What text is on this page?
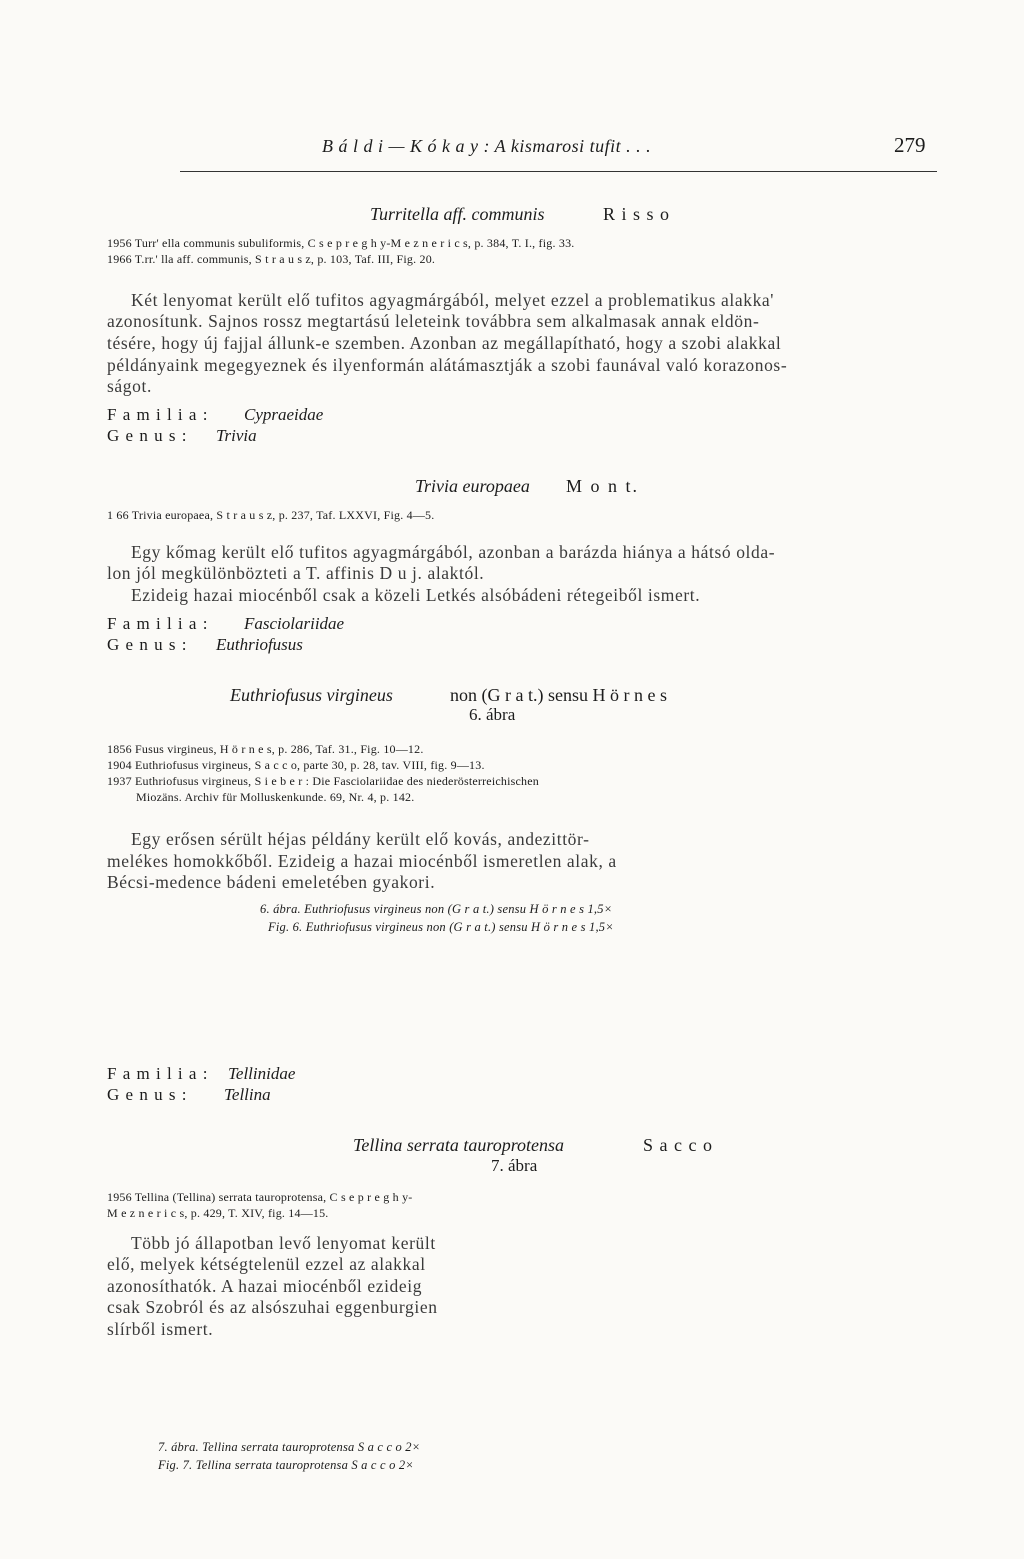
B á l d i — K ó k a y : A kismarosi tufit . . .	279
Turritella aff. communis	R i s s o
1956 Turr' ella communis subuliformis, C s e p r e g h y-M e z n e r i c s, p. 384, T. I., fig. 33.
1966 T.rr.' lla aff. communis, S t r a u s z, p. 103, Taf. III, Fig. 20.
Két lenyomat került elő tufitos agyagmárgából, melyet ezzel a problematikus alakka'
azonosítunk. Sajnos rossz megtartású leleteink továbbra sem alkalmasak annak eldön-
tésére, hogy új fajjal állunk-e szemben. Azonban az megállapítható, hogy a szobi alakkal
példányaink megegyeznek és ilyenformán alátámasztják a szobi faunával való korazonos-
ságot.
F a m i l i a : Cypraeidae
G e n u s : Trivia
Trivia europaea M o n t.
1 66 Trivia europaea, S t r a u s z, p. 237, Taf. LXXVI, Fig. 4—5.
Egy kőmag került elő tufitos agyagmárgából, azonban a barázda hiánya a hátsó olda-
lon jól megkülönbözteti a T. affinis D u j. alaktól.
Ezideig hazai miocénből csak a közeli Letkés alsóbádeni rétegeiből ismert.
F a m i l i a : Fasciolariidae
G e n u s : Euthriofusus
Euthriofusus virgineus	non (G r a t.) sensu H ö r n e s
6. ábra
1856 Fusus virgineus, H ö r n e s, p. 286, Taf. 31., Fig. 10—12.
1904 Euthriofusus virgineus, S a c c o, parte 30, p. 28, tav. VIII, fig. 9—13.
1937 Euthriofusus virgineus, S i e b e r : Die Fasciolariidae des niederösterreichischen
Miozäns. Archiv für Molluskenkunde. 69, Nr. 4, p. 142.
Egy erősen sérült héjas példány került elő kovás, andezittör-
melékes homokkőből. Ezideig a hazai miocénből ismeretlen alak, a
Bécsi-medence bádeni emeletében gyakori.
6. ábra. Euthriofusus virgineus non (G r a t.) sensu H ö r n e s 1,5×
Fig. 6. Euthriofusus virgineus non (G r a t.) sensu H ö r n e s 1,5×
F a m i l i a : Tellinidae
G e n u s : Tellina
Tellina serrata tauroprotensa	S a c c o
7. ábra
1956 Tellina (Tellina) serrata tauroprotensa, C s e p r e g h y-
M e z n e r i c s, p. 429, T. XIV, fig. 14—15.
Több jó állapotban levő lenyomat került
elő, melyek kétségtelenül ezzel az alakkal
azonosíthatók. A hazai miocénből ezideig
csak Szobról és az alsószuhai eggenburgien
slírből ismert.
7. ábra. Tellina serrata tauroprotensa S a c c o 2×
Fig. 7. Tellina serrata tauroprotensa S a c c o 2×
